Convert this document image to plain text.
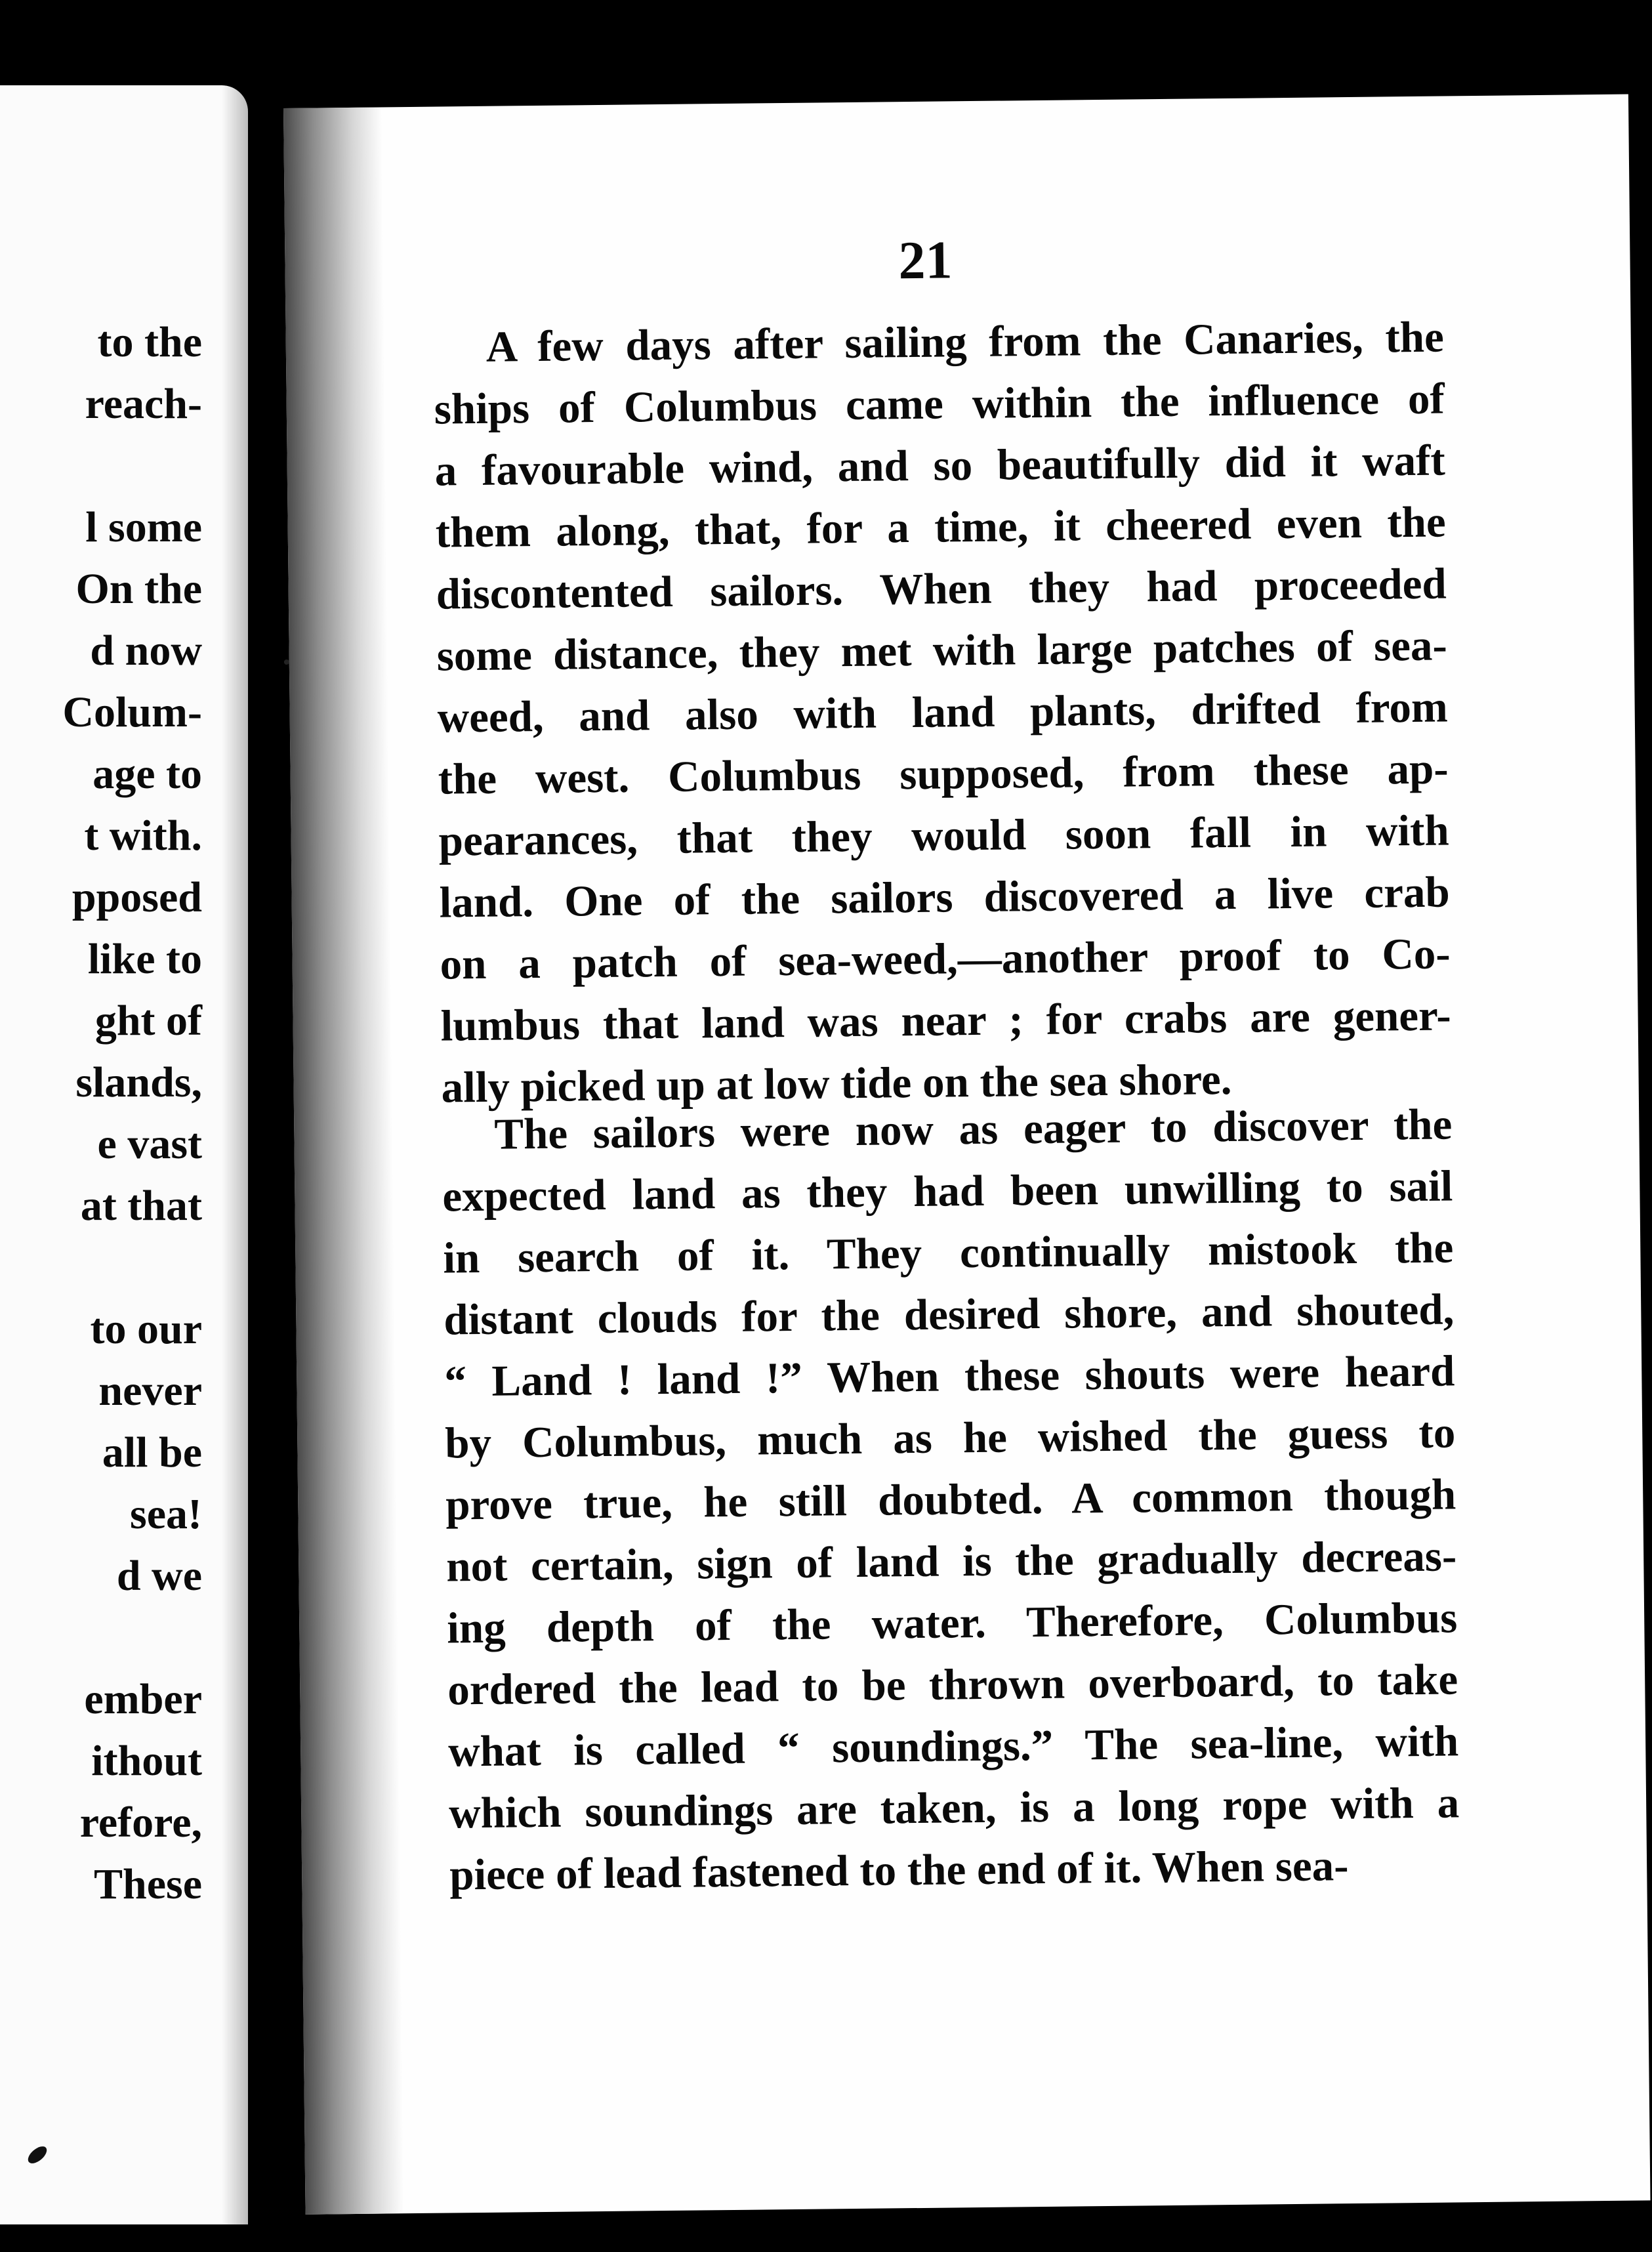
to the
reach-
l some
On the
d now
Colum-
age to
t with.
pposed
like to
ght of
slands,
e vast
at that
to our
never
all be
sea!
d we
ember
ithout
refore,
These
21

A few days after sailing from the Canaries, the
ships of Columbus came within the influence of
a favourable wind, and so beautifully did it waft
them along, that, for a time, it cheered even the
discontented sailors. When they had proceeded
some distance, they met with large patches of sea-
weed, and also with land plants, drifted from
the west. Columbus supposed, from these ap-
pearances, that they would soon fall in with
land. One of the sailors discovered a live crab
on a patch of sea-weed,—another proof to Co-
lumbus that land was near ; for crabs are gener-
ally picked up at low tide on the sea shore.

The sailors were now as eager to discover the
expected land as they had been unwilling to sail
in search of it. They continually mistook the
distant clouds for the desired shore, and shouted,
“ Land ! land !” When these shouts were heard
by Columbus, much as he wished the guess to
prove true, he still doubted. A common though
not certain, sign of land is the gradually decreas-
ing depth of the water. Therefore, Columbus
ordered the lead to be thrown overboard, to take
what is called “ soundings.” The sea-line, with
which soundings are taken, is a long rope with a
piece of lead fastened to the end of it. When sea-
